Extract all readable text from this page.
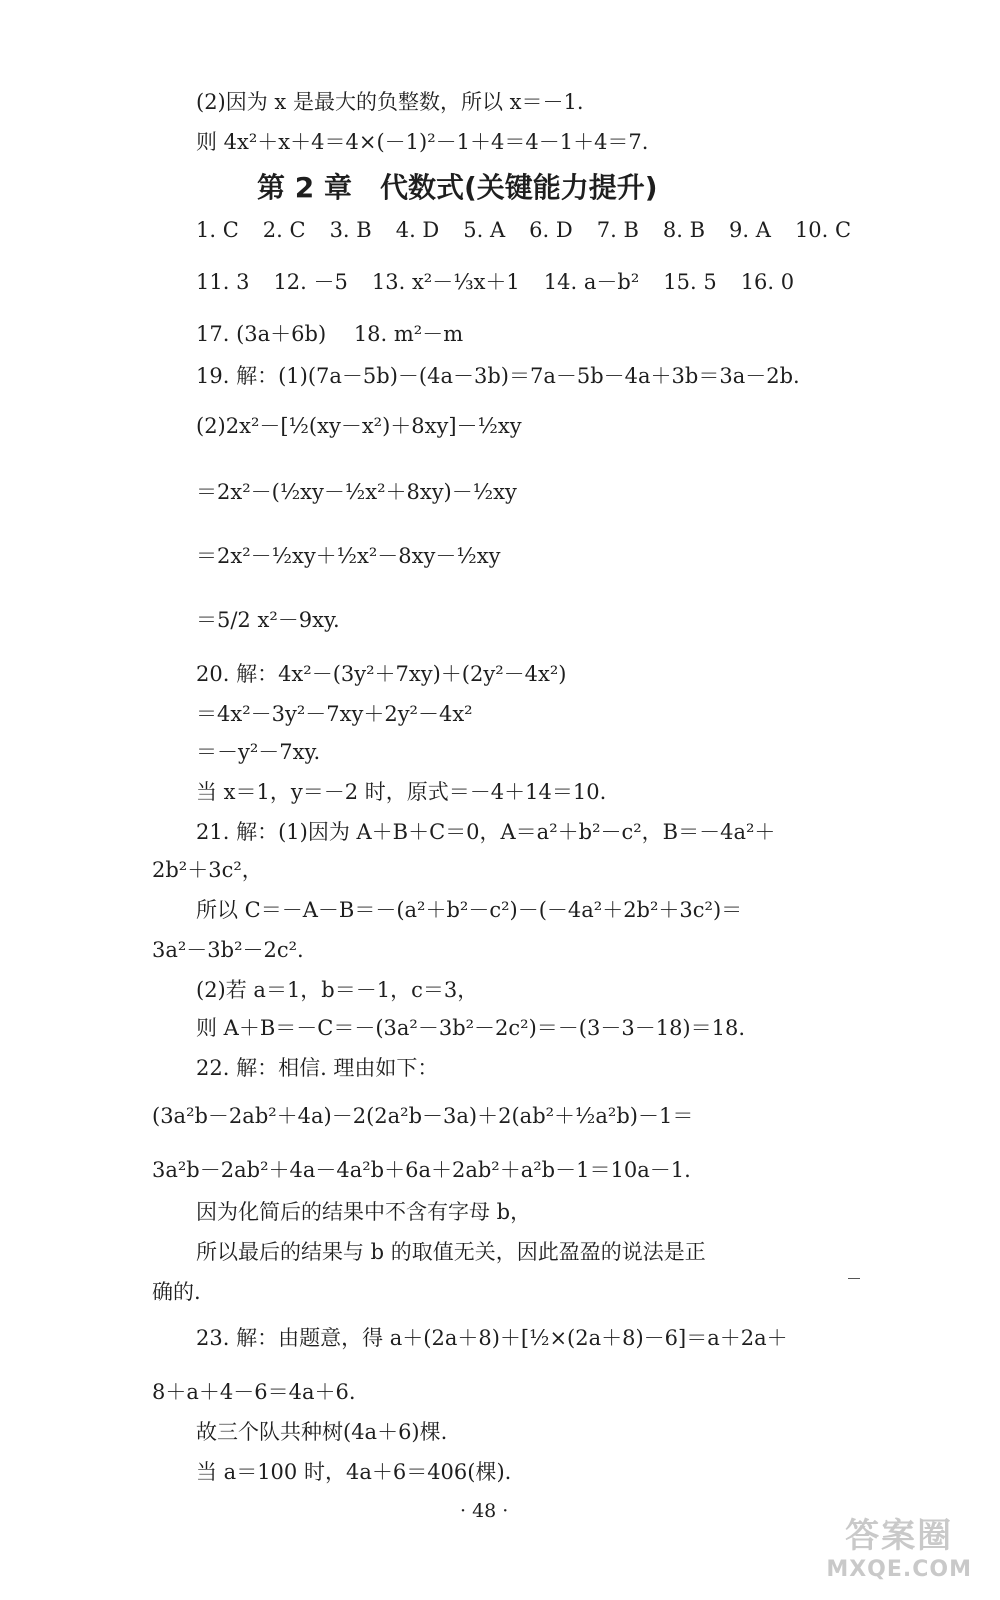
(2)因为 x 是最大的负整数，所以 x＝－1.
则 4x²＋x＋4＝4×(－1)²－1＋4＝4－1＋4＝7.
第 2 章　代数式(关键能力提升)
1. C 2. C 3. B 4. D 5. A 6. D 7. B 8. B 9. A 10. C
11. 3 12. －5 13. x²－⅓x＋1 14. a－b² 15. 5 16. 0
17. (3a＋6b)　 18. m²－m
19. 解：(1)(7a－5b)－(4a－3b)＝7a－5b－4a＋3b＝3a－2b.
(2)2x²－[½(xy－x²)＋8xy]－½xy
＝2x²－(½xy－½x²＋8xy)－½xy
＝2x²－½xy＋½x²－8xy－½xy
＝5/2 x²－9xy.
20. 解：4x²－(3y²＋7xy)＋(2y²－4x²)
＝4x²－3y²－7xy＋2y²－4x²
＝－y²－7xy.
当 x＝1，y＝－2 时，原式＝－4＋14＝10.
21. 解：(1)因为 A＋B＋C＝0，A＝a²＋b²－c²，B＝－4a²＋
2b²＋3c²，
所以 C＝－A－B＝－(a²＋b²－c²)－(－4a²＋2b²＋3c²)＝
3a²－3b²－2c².
(2)若 a＝1，b＝－1，c＝3，
则 A＋B＝－C＝－(3a²－3b²－2c²)＝－(3－3－18)＝18.
22. 解：相信. 理由如下：
(3a²b－2ab²＋4a)－2(2a²b－3a)＋2(ab²＋½a²b)－1＝
3a²b－2ab²＋4a－4a²b＋6a＋2ab²＋a²b－1＝10a－1.
因为化简后的结果中不含有字母 b，
所以最后的结果与 b 的取值无关，因此盈盈的说法是正
确的.
23. 解：由题意，得 a＋(2a＋8)＋[½×(2a＋8)－6]＝a＋2a＋
8＋a＋4－6＝4a＋6.
故三个队共种树(4a＋6)棵.
当 a＝100 时，4a＋6＝406(棵).
· 48 ·
答案圈
MXQE.COM
